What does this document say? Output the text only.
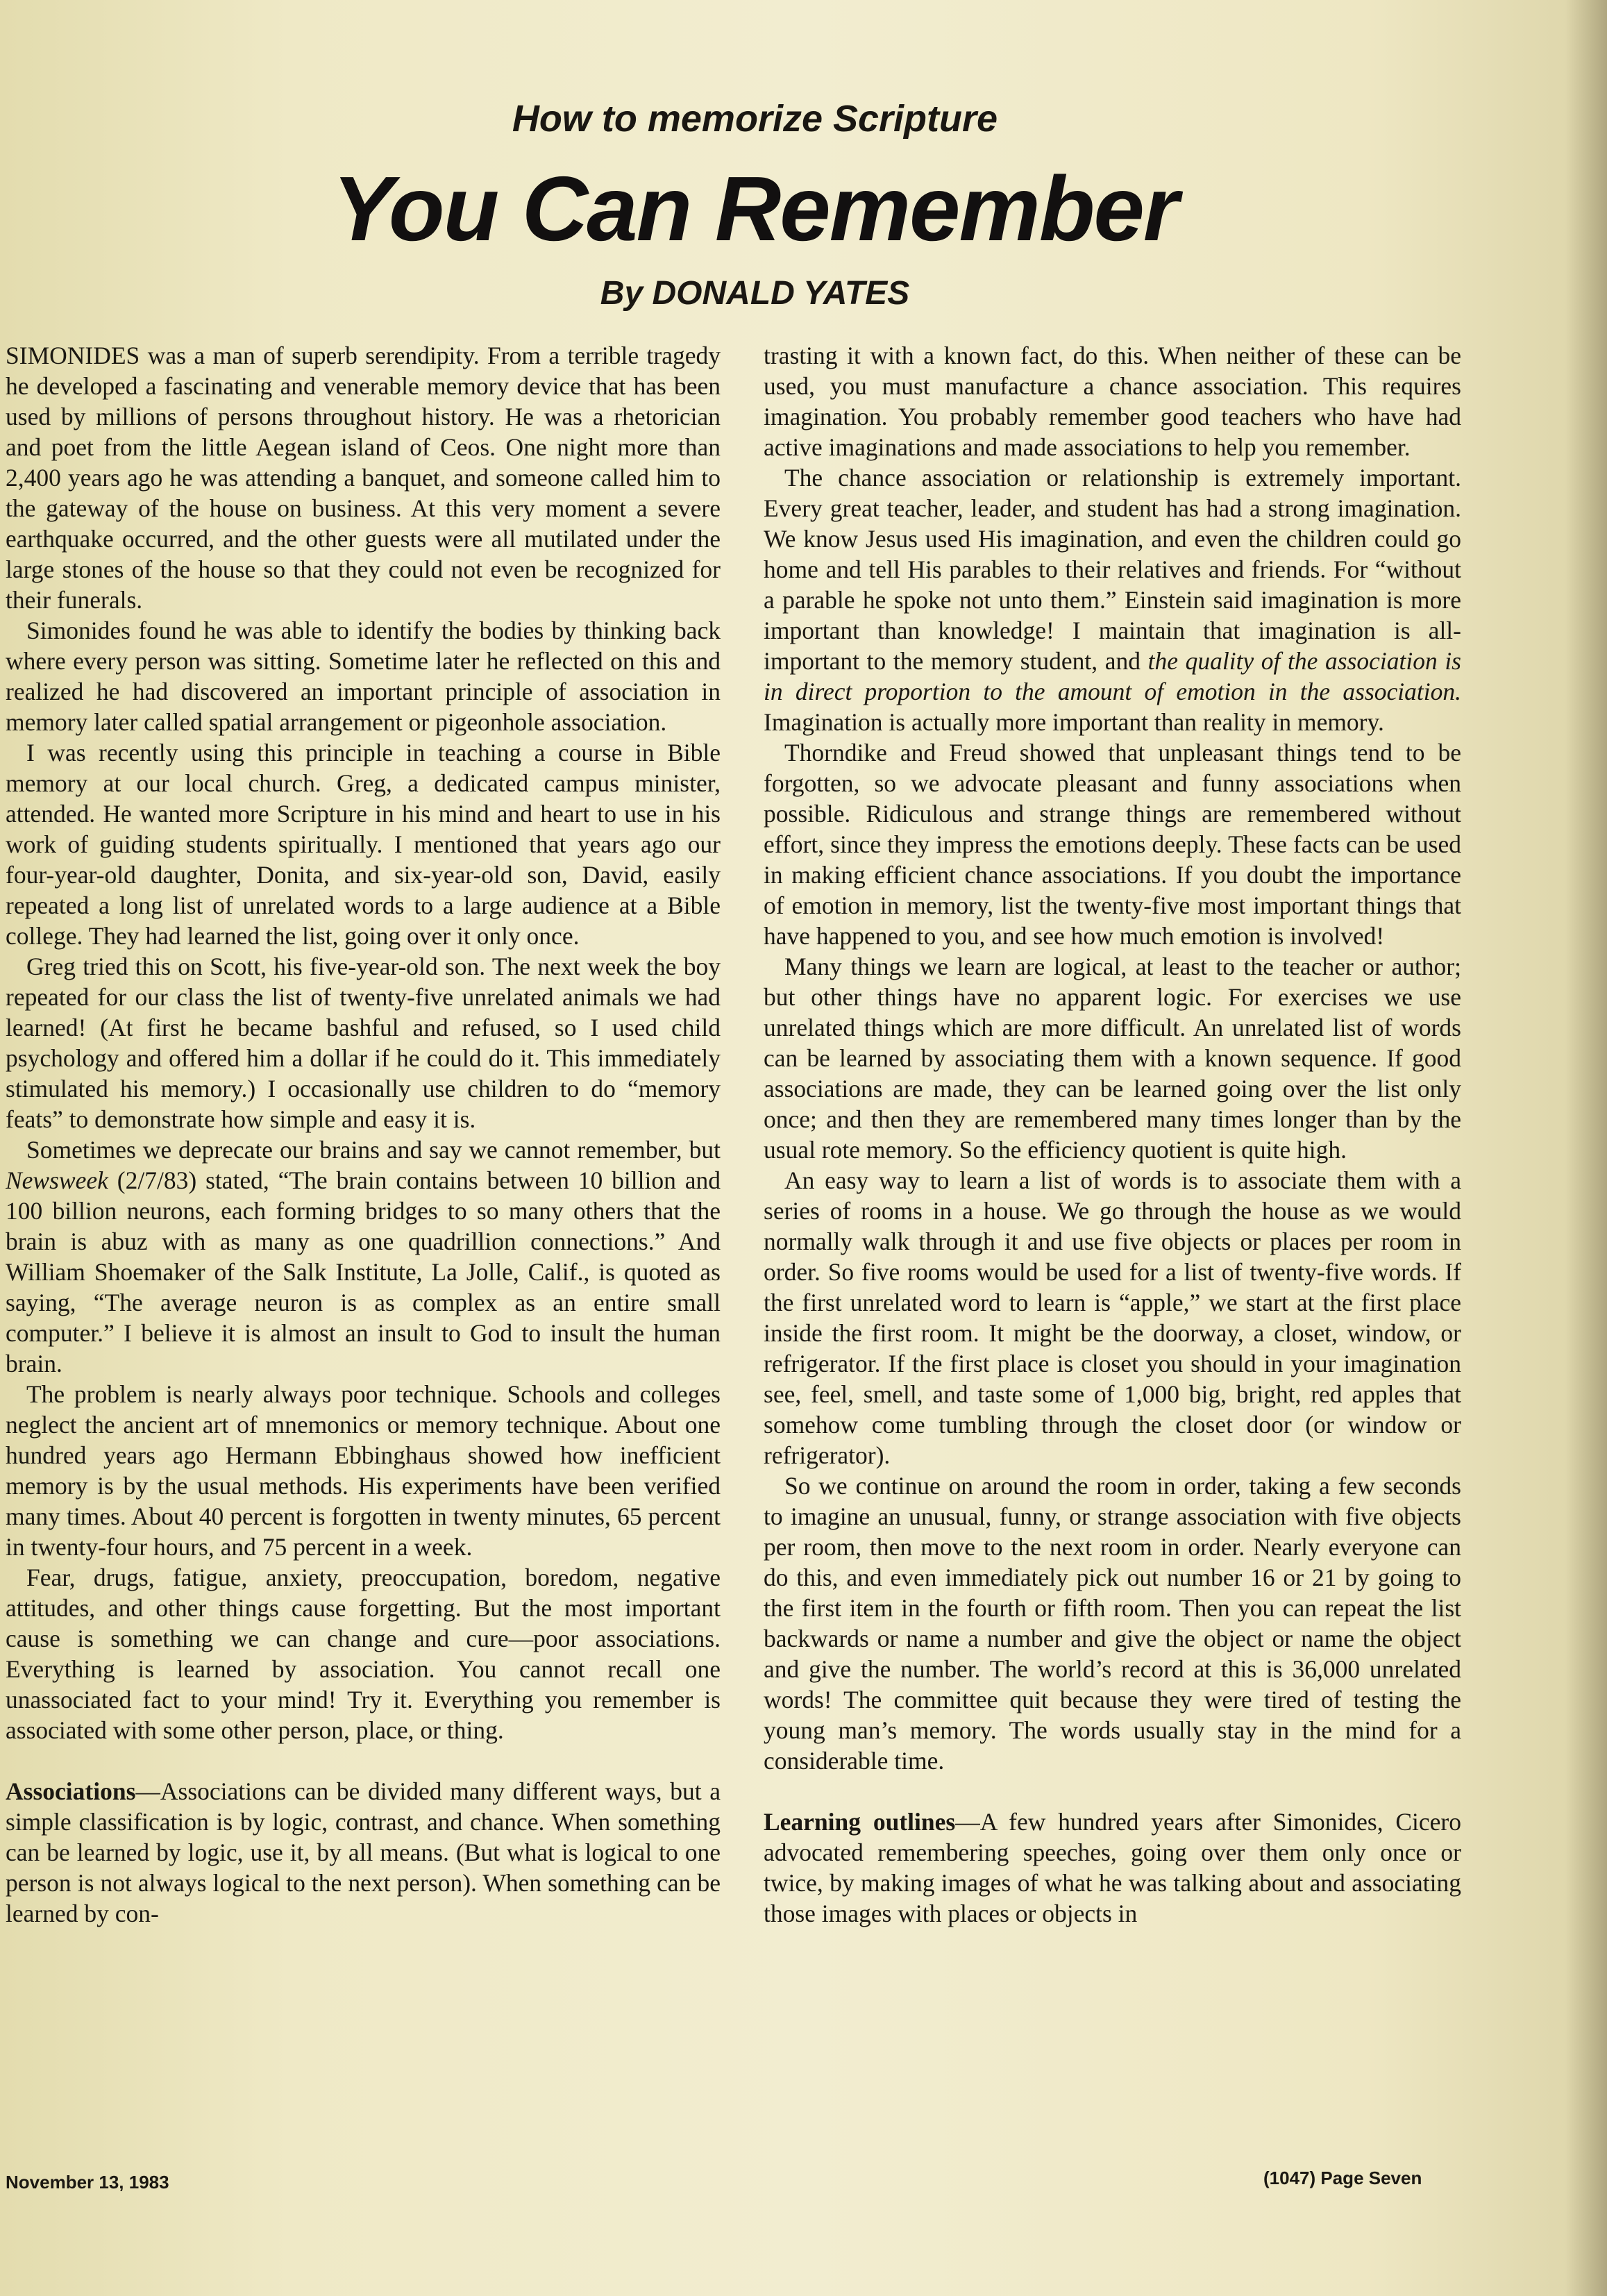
How to memorize Scripture
You Can Remember
By DONALD YATES

SIMONIDES was a man of superb serendipity. From a terrible tragedy he developed a fascinating and venerable memory device that has been used by millions of persons throughout history. He was a rhetorician and poet from the little Aegean island of Ceos. One night more than 2,400 years ago he was attending a banquet, and someone called him to the gateway of the house on business. At this very moment a severe earthquake occurred, and the other guests were all mutilated under the large stones of the house so that they could not even be recognized for their funerals.

Simonides found he was able to identify the bodies by thinking back where every person was sitting. Sometime later he reflected on this and realized he had discovered an important principle of association in memory later called spatial arrangement or pigeonhole association.

I was recently using this principle in teaching a course in Bible memory at our local church. Greg, a dedicated campus minister, attended. He wanted more Scripture in his mind and heart to use in his work of guiding students spiritually. I mentioned that years ago our four-year-old daughter, Donita, and six-year-old son, David, easily repeated a long list of unrelated words to a large audience at a Bible college. They had learned the list, going over it only once.

Greg tried this on Scott, his five-year-old son. The next week the boy repeated for our class the list of twenty-five unrelated animals we had learned! (At first he became bashful and refused, so I used child psychology and offered him a dollar if he could do it. This immediately stimulated his memory.) I occasionally use children to do “memory feats” to demonstrate how simple and easy it is.

Sometimes we deprecate our brains and say we cannot remember, but Newsweek (2/7/83) stated, “The brain contains between 10 billion and 100 billion neurons, each forming bridges to so many others that the brain is abuz with as many as one quadrillion connections.” And William Shoemaker of the Salk Institute, La Jolle, Calif., is quoted as saying, “The average neuron is as complex as an entire small computer.” I believe it is almost an insult to God to insult the human brain.

The problem is nearly always poor technique. Schools and colleges neglect the ancient art of mnemonics or memory technique. About one hundred years ago Hermann Ebbinghaus showed how inefficient memory is by the usual methods. His experiments have been verified many times. About 40 percent is forgotten in twenty minutes, 65 percent in twenty-four hours, and 75 percent in a week.

Fear, drugs, fatigue, anxiety, preoccupation, boredom, negative attitudes, and other things cause forgetting. But the most important cause is something we can change and cure—poor associations. Everything is learned by association. You cannot recall one unassociated fact to your mind! Try it. Everything you remember is associated with some other person, place, or thing.

Associations—Associations can be divided many different ways, but a simple classification is by logic, contrast, and chance. When something can be learned by logic, use it, by all means. (But what is logical to one person is not always logical to the next person). When something can be learned by con-

trasting it with a known fact, do this. When neither of these can be used, you must manufacture a chance association. This requires imagination. You probably remember good teachers who have had active imaginations and made associations to help you remember.

The chance association or relationship is extremely important. Every great teacher, leader, and student has had a strong imagination. We know Jesus used His imagination, and even the children could go home and tell His parables to their relatives and friends. For “without a parable he spoke not unto them.” Einstein said imagination is more important than knowledge! I maintain that imagination is all-important to the memory student, and the quality of the association is in direct proportion to the amount of emotion in the association. Imagination is actually more important than reality in memory.

Thorndike and Freud showed that unpleasant things tend to be forgotten, so we advocate pleasant and funny associations when possible. Ridiculous and strange things are remembered without effort, since they impress the emotions deeply. These facts can be used in making efficient chance associations. If you doubt the importance of emotion in memory, list the twenty-five most important things that have happened to you, and see how much emotion is involved!

Many things we learn are logical, at least to the teacher or author; but other things have no apparent logic. For exercises we use unrelated things which are more difficult. An unrelated list of words can be learned by associating them with a known sequence. If good associations are made, they can be learned going over the list only once; and then they are remembered many times longer than by the usual rote memory. So the efficiency quotient is quite high.

An easy way to learn a list of words is to associate them with a series of rooms in a house. We go through the house as we would normally walk through it and use five objects or places per room in order. So five rooms would be used for a list of twenty-five words. If the first unrelated word to learn is “apple,” we start at the first place inside the first room. It might be the doorway, a closet, window, or refrigerator. If the first place is closet you should in your imagination see, feel, smell, and taste some of 1,000 big, bright, red apples that somehow come tumbling through the closet door (or window or refrigerator).

So we continue on around the room in order, taking a few seconds to imagine an unusual, funny, or strange association with five objects per room, then move to the next room in order. Nearly everyone can do this, and even immediately pick out number 16 or 21 by going to the first item in the fourth or fifth room. Then you can repeat the list backwards or name a number and give the object or name the object and give the number. The world’s record at this is 36,000 unrelated words! The committee quit because they were tired of testing the young man’s memory. The words usually stay in the mind for a considerable time.

Learning outlines—A few hundred years after Simonides, Cicero advocated remembering speeches, going over them only once or twice, by making images of what he was talking about and associating those images with places or objects in

November 13, 1983	(1047) Page Seven
